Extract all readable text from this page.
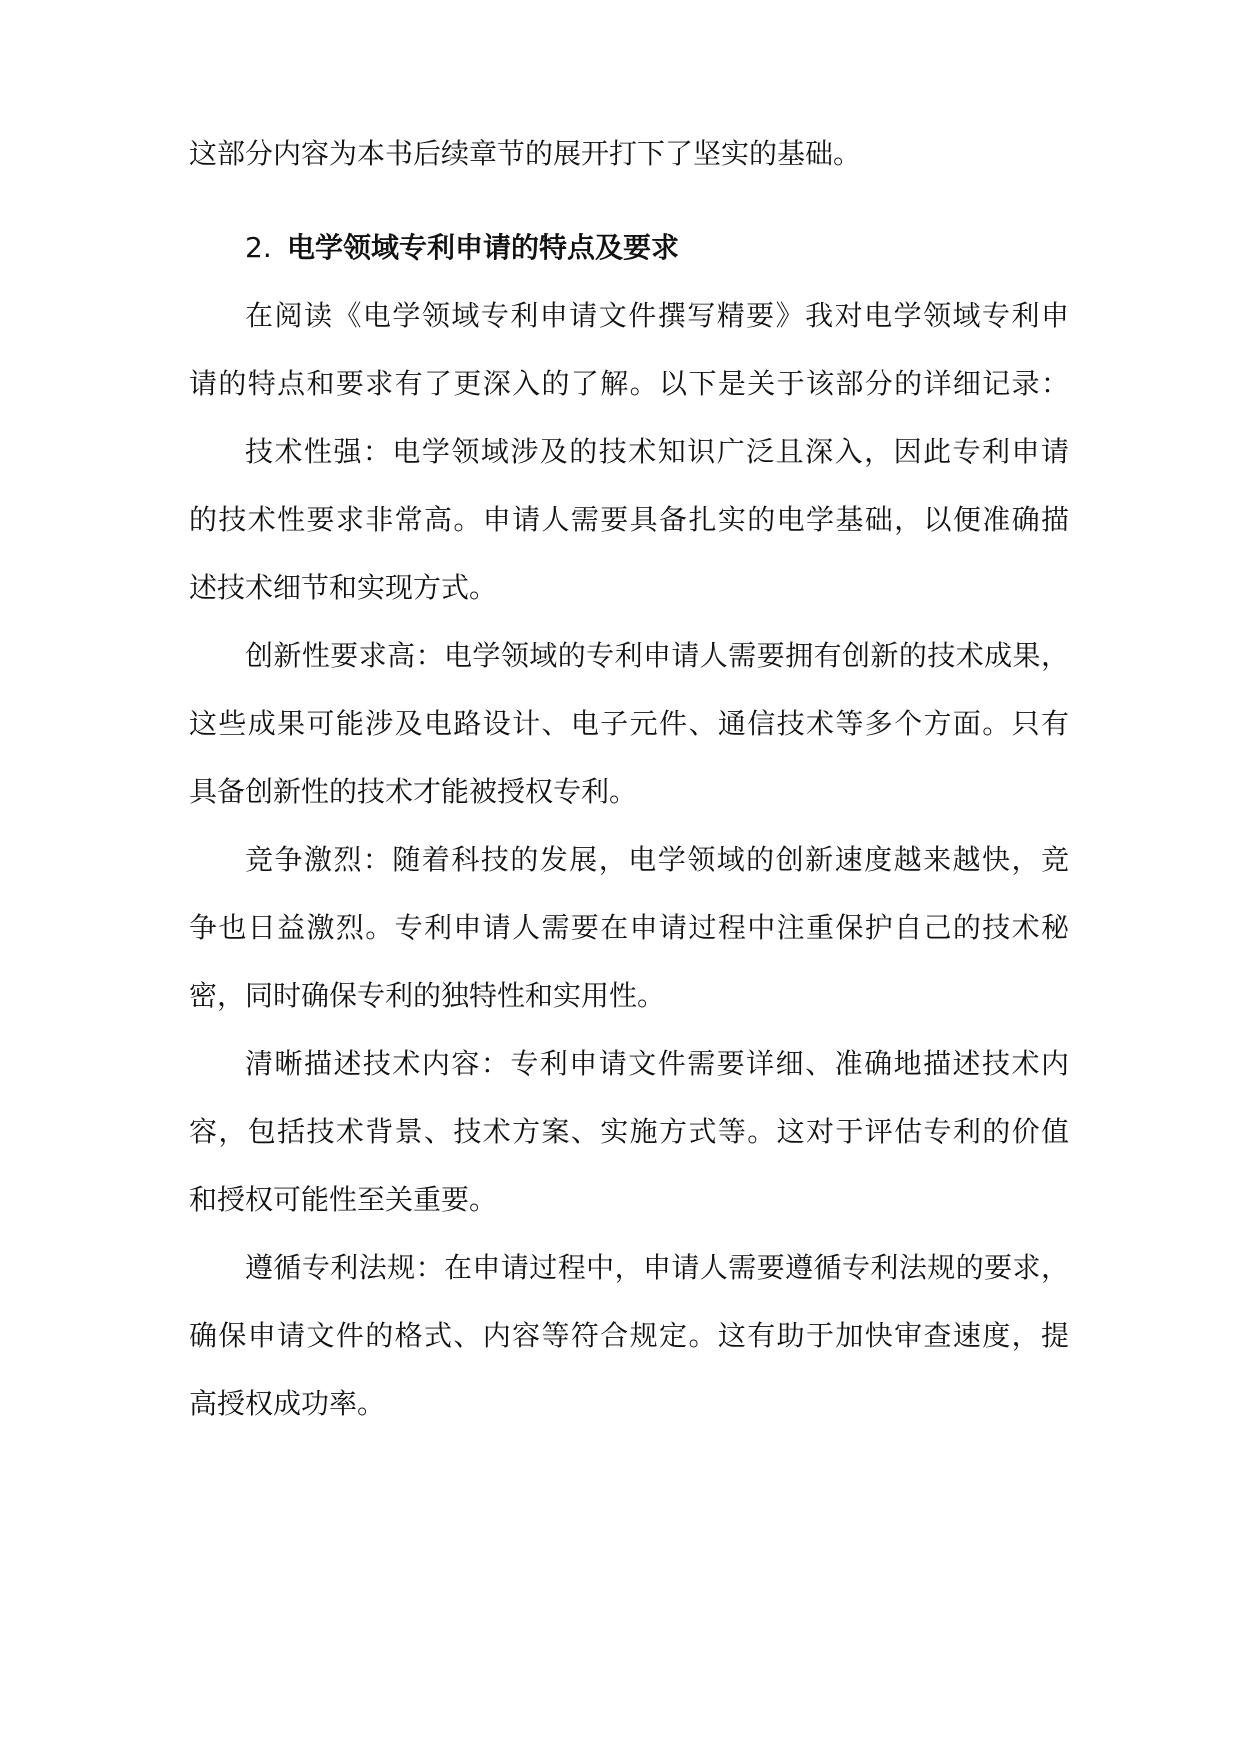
这部分内容为本书后续章节的展开打下了坚实的基础。
2. 电学领域专利申请的特点及要求
在阅读《电学领域专利申请文件撰写精要》我对电学领域专利申
请的特点和要求有了更深入的了解。以下是关于该部分的详细记录：
技术性强：电学领域涉及的技术知识广泛且深入，因此专利申请
的技术性要求非常高。申请人需要具备扎实的电学基础，以便准确描
述技术细节和实现方式。
创新性要求高：电学领域的专利申请人需要拥有创新的技术成果，
这些成果可能涉及电路设计、电子元件、通信技术等多个方面。只有
具备创新性的技术才能被授权专利。
竞争激烈：随着科技的发展，电学领域的创新速度越来越快，竞
争也日益激烈。专利申请人需要在申请过程中注重保护自己的技术秘
密，同时确保专利的独特性和实用性。
清晰描述技术内容：专利申请文件需要详细、准确地描述技术内
容，包括技术背景、技术方案、实施方式等。这对于评估专利的价值
和授权可能性至关重要。
遵循专利法规：在申请过程中，申请人需要遵循专利法规的要求，
确保申请文件的格式、内容等符合规定。这有助于加快审查速度，提
高授权成功率。
